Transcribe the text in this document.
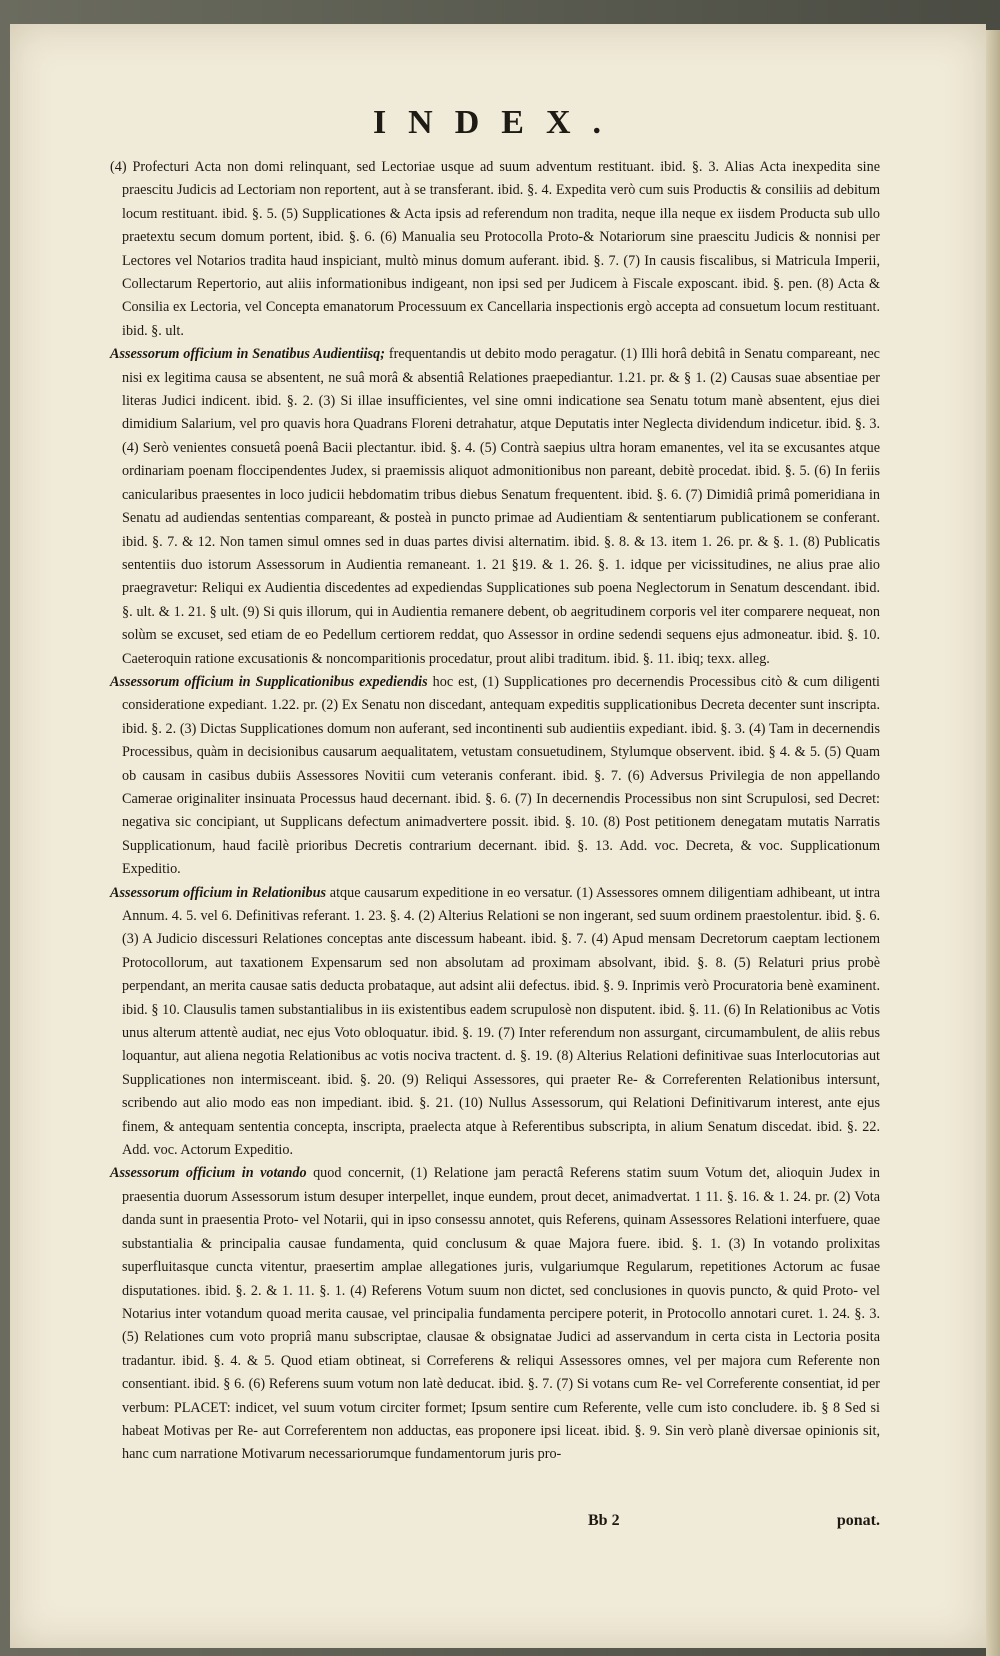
INDEX.

(4) Profecturi Acta non domi relinquant, sed Lectoriae usque ad suum adventum restituant. ibid. §. 3. Alias Acta inexpedita sine praescitu Judicis ad Lectoriam non reportent, aut à se transferant. ibid. §. 4. Expedita verò cum suis Productis & consiliis ad debitum locum restituant. ibid. §. 5. (5) Supplicationes & Acta ipsis ad referendum non tradita, neque illa neque ex iisdem Producta sub ullo praetextu secum domum portent, ibid. §. 6. (6) Manualia seu Protocolla Proto-& Notariorum sine praescitu Judicis & nonnisi per Lectores vel Notarios tradita haud inspiciant, multò minus domum auferant. ibid. §. 7. (7) In causis fiscalibus, si Matricula Imperii, Collectarum Repertorio, aut aliis informationibus indigeant, non ipsi sed per Judicem à Fiscale exposcant. ibid. §. pen. (8) Acta & Consilia ex Lectoria, vel Concepta emanatorum Processuum ex Cancellaria inspectionis ergò accepta ad consuetum locum restituant. ibid. §. ult.

Assessorum officium in Senatibus Audientiisq; frequentandis ut debito modo peragatur. (1) Illi horâ debitâ in Senatu compareant, nec nisi ex legitima causa se absentent, ne suâ morâ & absentiâ Relationes praepediantur. 1.21. pr. & § 1. (2) Causas suae absentiae per literas Judici indicent. ibid. §. 2. (3) Si illae insufficientes, vel sine omni indicatione sea Senatu totum manè absentent, ejus diei dimidium Salarium, vel pro quavis hora Quadrans Floreni detrahatur, atque Deputatis inter Neglecta dividendum indicetur. ibid. §. 3. (4) Serò venientes consuetâ poenâ Bacii plectantur. ibid. §. 4. (5) Contrà saepius ultra horam emanentes, vel ita se excusantes atque ordinariam poenam floccipendentes Judex, si praemissis aliquot admonitionibus non pareant, debitè procedat. ibid. §. 5. (6) In feriis canicularibus praesentes in loco judicii hebdomatim tribus diebus Senatum frequentent. ibid. §. 6. (7) Dimidiâ primâ pomeridiana in Senatu ad audiendas sententias compareant, & posteà in puncto primae ad Audientiam & sententiarum publicationem se conferant. ibid. §. 7. & 12. Non tamen simul omnes sed in duas partes divisi alternatim. ibid. §. 8. & 13. item 1. 26. pr. & §. 1. (8) Publicatis sententiis duo istorum Assessorum in Audientia remaneant. 1. 21 §19. & 1. 26. §. 1. idque per vicissitudines, ne alius prae alio praegravetur: Reliqui ex Audientia discedentes ad expediendas Supplicationes sub poena Neglectorum in Senatum descendant. ibid. §. ult. & 1. 21. § ult. (9) Si quis illorum, qui in Audientia remanere debent, ob aegritudinem corporis vel iter comparere nequeat, non solùm se excuset, sed etiam de eo Pedellum certiorem reddat, quo Assessor in ordine sedendi sequens ejus admoneatur. ibid. §. 10. Caeteroquin ratione excusationis & noncomparitionis procedatur, prout alibi traditum. ibid. §. 11. ibiq; texx. alleg.

Assessorum officium in Supplicationibus expediendis hoc est, (1) Supplicationes pro decernendis Processibus citò & cum diligenti consideratione expediant. 1.22. pr. (2) Ex Senatu non discedant, antequam expeditis supplicationibus Decreta decenter sunt inscripta. ibid. §. 2. (3) Dictas Supplicationes domum non auferant, sed incontinenti sub audientiis expediant. ibid. §. 3. (4) Tam in decernendis Processibus, quàm in decisionibus causarum aequalitatem, vetustam consuetudinem, Stylumque observent. ibid. § 4. & 5. (5) Quam ob causam in casibus dubiis Assessores Novitii cum veteranis conferant. ibid. §. 7. (6) Adversus Privilegia de non appellando Camerae originaliter insinuata Processus haud decernant. ibid. §. 6. (7) In decernendis Processibus non sint Scrupulosi, sed Decret: negativa sic concipiant, ut Supplicans defectum animadvertere possit. ibid. §. 10. (8) Post petitionem denegatam mutatis Narratis Supplicationum, haud facilè prioribus Decretis contrarium decernant. ibid. §. 13. Add. voc. Decreta, & voc. Supplicationum Expeditio.

Assessorum officium in Relationibus atque causarum expeditione in eo versatur. (1) Assessores omnem diligentiam adhibeant, ut intra Annum. 4. 5. vel 6. Definitivas referant. 1. 23. §. 4. (2) Alterius Relationi se non ingerant, sed suum ordinem praestolentur. ibid. §. 6. (3) A Judicio discessuri Relationes conceptas ante discessum habeant. ibid. §. 7. (4) Apud mensam Decretorum caeptam lectionem Protocollorum, aut taxationem Expensarum sed non absolutam ad proximam absolvant, ibid. §. 8. (5) Relaturi prius probè perpendant, an merita causae satis deducta probataque, aut adsint alii defectus. ibid. §. 9. Inprimis verò Procuratoria benè examinent. ibid. § 10. Clausulis tamen substantialibus in iis existentibus eadem scrupulosè non disputent. ibid. §. 11. (6) In Relationibus ac Votis unus alterum attentè audiat, nec ejus Voto obloquatur. ibid. §. 19. (7) Inter referendum non assurgant, circumambulent, de aliis rebus loquantur, aut aliena negotia Relationibus ac votis nociva tractent. d. §. 19. (8) Alterius Relationi definitivae suas Interlocutorias aut Supplicationes non intermisceant. ibid. §. 20. (9) Reliqui Assessores, qui praeter Re- & Correferenten Relationibus intersunt, scribendo aut alio modo eas non impediant. ibid. §. 21. (10) Nullus Assessorum, qui Relationi Definitivarum interest, ante ejus finem, & antequam sententia concepta, inscripta, praelecta atque à Referentibus subscripta, in alium Senatum discedat. ibid. §. 22. Add. voc. Actorum Expeditio.

Assessorum officium in votando quod concernit, (1) Relatione jam peractâ Referens statim suum Votum det, alioquin Judex in praesentia duorum Assessorum istum desuper interpellet, inque eundem, prout decet, animadvertat. 1 11. §. 16. & 1. 24. pr. (2) Vota danda sunt in praesentia Proto- vel Notarii, qui in ipso consessu annotet, quis Referens, quinam Assessores Relationi interfuere, quae substantialia & principalia causae fundamenta, quid conclusum & quae Majora fuere. ibid. §. 1. (3) In votando prolixitas superfluitasque cuncta vitentur, praesertim amplae allegationes juris, vulgariumque Regularum, repetitiones Actorum ac fusae disputationes. ibid. §. 2. & 1. 11. §. 1. (4) Referens Votum suum non dictet, sed conclusiones in quovis puncto, & quid Proto- vel Notarius inter votandum quoad merita causae, vel principalia fundamenta percipere poterit, in Protocollo annotari curet. 1. 24. §. 3. (5) Relationes cum voto propriâ manu subscriptae, clausae & obsignatae Judici ad asservandum in certa cista in Lectoria posita tradantur. ibid. §. 4. & 5. Quod etiam obtineat, si Correferens & reliqui Assessores omnes, vel per majora cum Referente non consentiant. ibid. § 6. (6) Referens suum votum non latè deducat. ibid. §. 7. (7) Si votans cum Re- vel Correferente consentiat, id per verbum: PLACET: indicet, vel suum votum circiter formet; Ipsum sentire cum Referente, velle cum isto concludere. ib. § 8 Sed si habeat Motivas per Re- aut Correferentem non adductas, eas proponere ipsi liceat. ibid. §. 9. Sin verò planè diversae opinionis sit, hanc cum narratione Motivarum necessariorumque fundamentorum juris pro-

Bb 2	ponat.
